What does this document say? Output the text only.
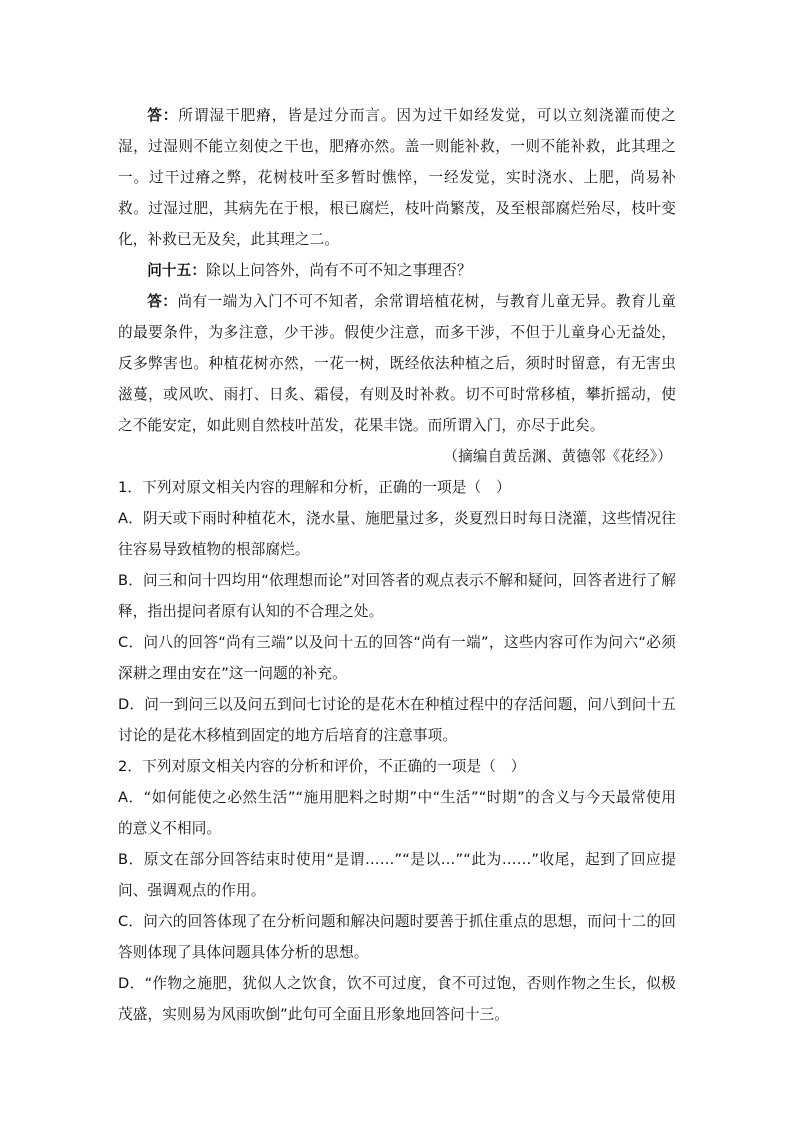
答：所谓湿干肥瘠，皆是过分而言。因为过干如经发觉，可以立刻浇灌而使之湿，过湿则不能立刻使之干也，肥瘠亦然。盖一则能补救，一则不能补救，此其理之一。过干过瘠之弊，花树枝叶至多暂时憔悴，一经发觉，实时浇水、上肥，尚易补救。过湿过肥，其病先在于根，根已腐烂，枝叶尚繁茂，及至根部腐烂殆尽，枝叶变化，补救已无及矣，此其理之二。

问十五：除以上问答外，尚有不可不知之事理否？

答：尚有一端为入门不可不知者，余常谓培植花树，与教育儿童无异。教育儿童的最要条件，为多注意，少干涉。假使少注意，而多干涉，不但于儿童身心无益处，反多弊害也。种植花树亦然，一花一树，既经依法种植之后，须时时留意，有无害虫滋蔓，或风吹、雨打、日炙、霜侵，有则及时补救。切不可时常移植，攀折摇动，使之不能安定，如此则自然枝叶茁发，花果丰饶。而所谓入门，亦尽于此矣。

（摘编自黄岳渊、黄德邻《花经》）

1．下列对原文相关内容的理解和分析，正确的一项是（　）

A．阴天或下雨时种植花木，浇水量、施肥量过多，炎夏烈日时每日浇灌，这些情况往往容易导致植物的根部腐烂。

B．问三和问十四均用“依理想而论”对回答者的观点表示不解和疑问，回答者进行了解释，指出提问者原有认知的不合理之处。

C．问八的回答“尚有三端”以及问十五的回答“尚有一端”，这些内容可作为问六“必须深耕之理由安在”这一问题的补充。

D．问一到问三以及问五到问七讨论的是花木在种植过程中的存活问题，问八到问十五讨论的是花木移植到固定的地方后培育的注意事项。

2．下列对原文相关内容的分析和评价，不正确的一项是（　）

A．“如何能使之必然生活”“施用肥料之时期”中“生活”“时期”的含义与今天最常使用的意义不相同。

B．原文在部分回答结束时使用“是谓……”“是以…”“此为……”收尾，起到了回应提问、强调观点的作用。

C．问六的回答体现了在分析问题和解决问题时要善于抓住重点的思想，而问十二的回答则体现了具体问题具体分析的思想。

D．“作物之施肥，犹似人之饮食，饮不可过度，食不可过饱，否则作物之生长，似极茂盛，实则易为风雨吹倒”此句可全面且形象地回答问十三。
